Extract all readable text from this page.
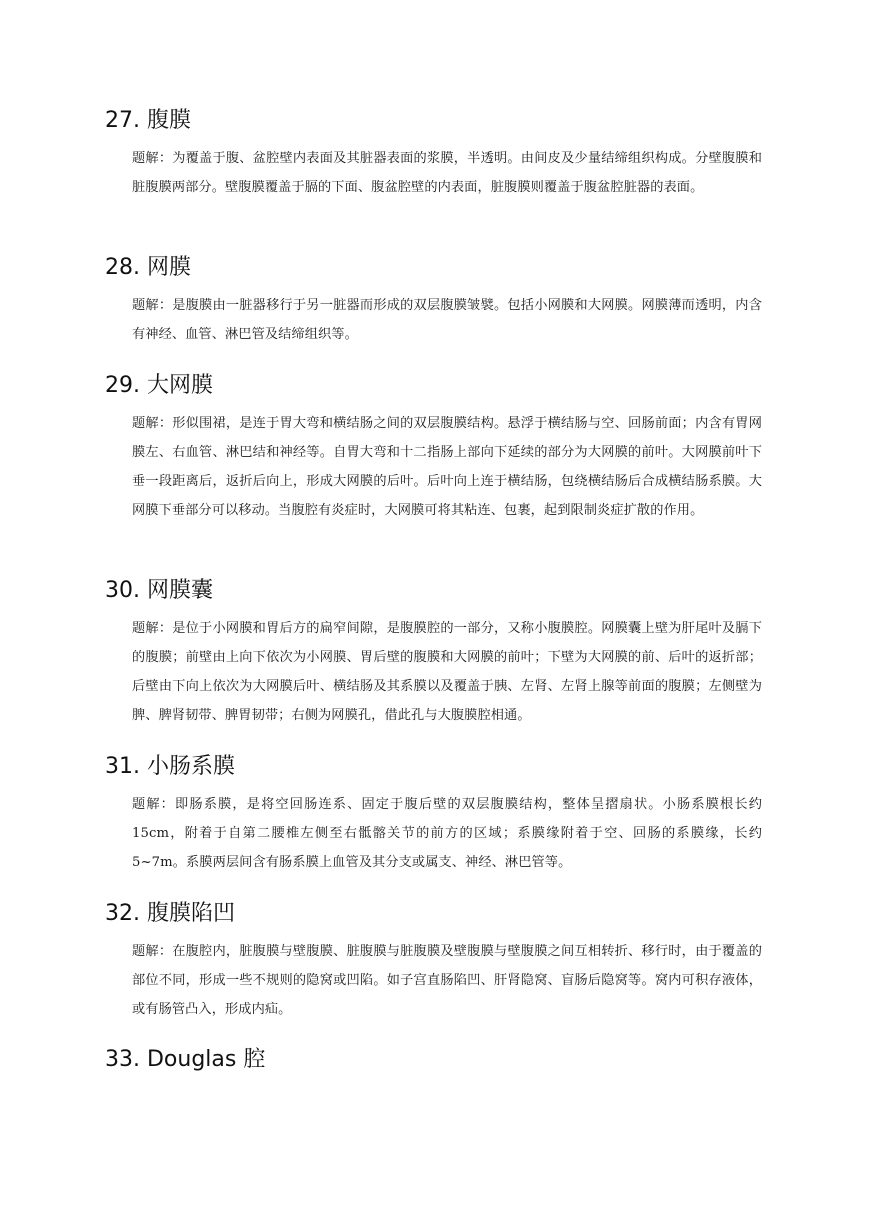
27. 腹膜

题解：为覆盖于腹、盆腔壁内表面及其脏器表面的浆膜，半透明。由间皮及少量结缔组织构成。分壁腹膜和脏腹膜两部分。壁腹膜覆盖于膈的下面、腹盆腔壁的内表面，脏腹膜则覆盖于腹盆腔脏器的表面。

28. 网膜

题解：是腹膜由一脏器移行于另一脏器而形成的双层腹膜皱襞。包括小网膜和大网膜。网膜薄而透明，内含有神经、血管、淋巴管及结缔组织等。

29. 大网膜

题解：形似围裙，是连于胃大弯和横结肠之间的双层腹膜结构。悬浮于横结肠与空、回肠前面；内含有胃网膜左、右血管、淋巴结和神经等。自胃大弯和十二指肠上部向下延续的部分为大网膜的前叶。大网膜前叶下垂一段距离后，返折后向上，形成大网膜的后叶。后叶向上连于横结肠，包绕横结肠后合成横结肠系膜。大网膜下垂部分可以移动。当腹腔有炎症时，大网膜可将其粘连、包裹，起到限制炎症扩散的作用。

30. 网膜囊

题解：是位于小网膜和胃后方的扁窄间隙，是腹膜腔的一部分，又称小腹膜腔。网膜囊上壁为肝尾叶及膈下的腹膜；前壁由上向下依次为小网膜、胃后壁的腹膜和大网膜的前叶；下壁为大网膜的前、后叶的返折部；后壁由下向上依次为大网膜后叶、横结肠及其系膜以及覆盖于胰、左肾、左肾上腺等前面的腹膜；左侧壁为脾、脾肾韧带、脾胃韧带；右侧为网膜孔，借此孔与大腹膜腔相通。

31. 小肠系膜

题解：即肠系膜，是将空回肠连系、固定于腹后壁的双层腹膜结构，整体呈摺扇状。小肠系膜根长约 15cm，附着于自第二腰椎左侧至右骶髂关节的前方的区域；系膜缘附着于空、回肠的系膜缘，长约 5~7m。系膜两层间含有肠系膜上血管及其分支或属支、神经、淋巴管等。

32. 腹膜陷凹

题解：在腹腔内，脏腹膜与壁腹膜、脏腹膜与脏腹膜及壁腹膜与壁腹膜之间互相转折、移行时，由于覆盖的部位不同，形成一些不规则的隐窝或凹陷。如子宫直肠陷凹、肝肾隐窝、盲肠后隐窝等。窝内可积存液体，或有肠管凸入，形成内疝。

33. Douglas 腔
